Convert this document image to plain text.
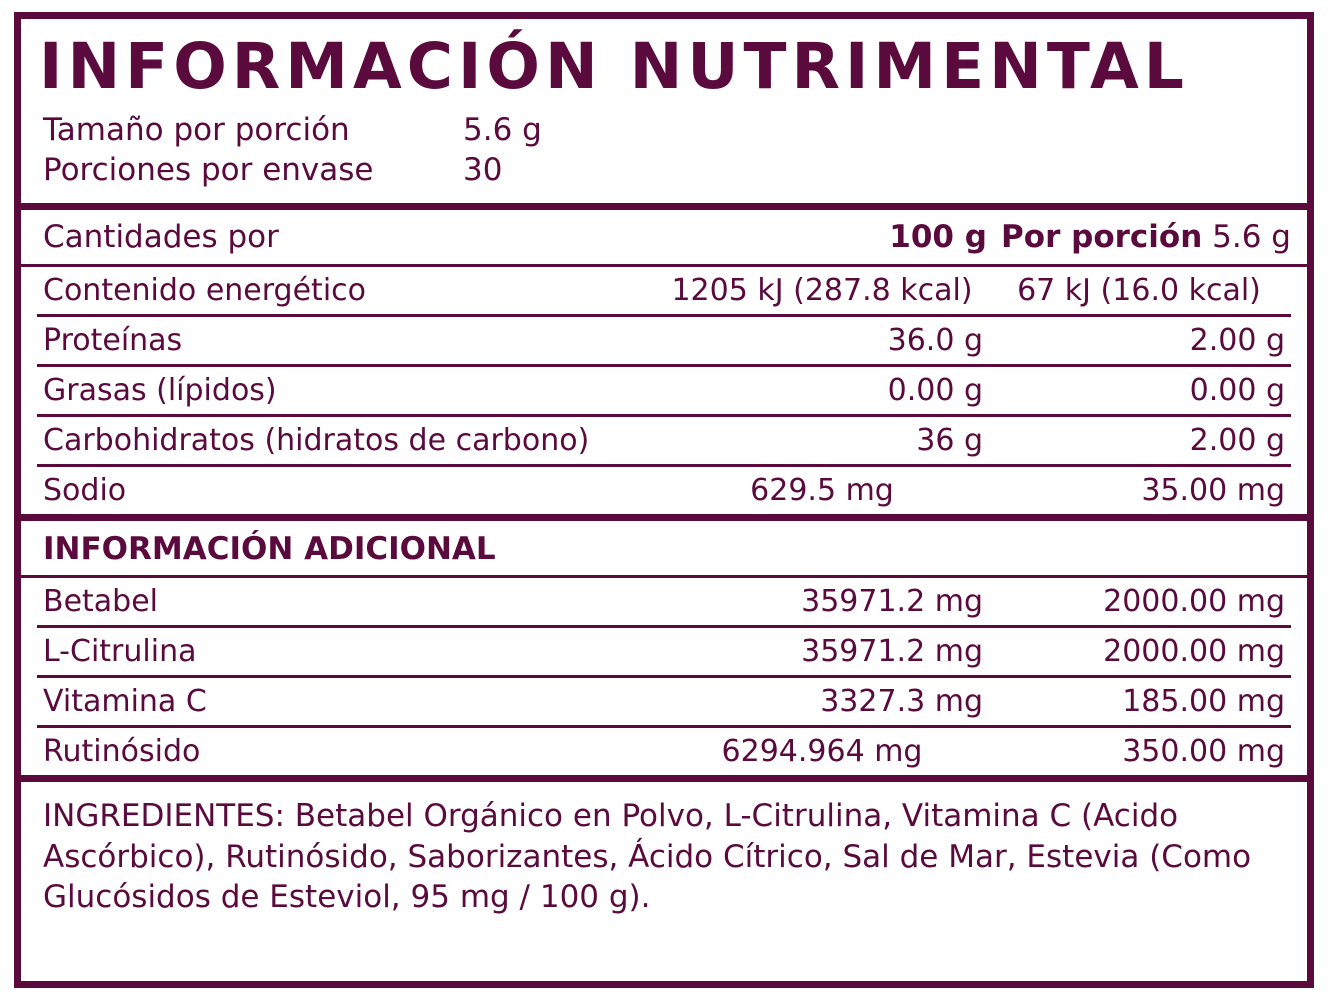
INFORMACIÓN NUTRIMENTAL
Tamaño por porción	5.6 g
Porciones por envase	30
Cantidades por	100 g	Por porción 5.6 g
Contenido energético	1205 kJ (287.8 kcal)	67 kJ (16.0 kcal)

Proteínas	36.0 g	2.00 g

Grasas (lípidos)	0.00 g	0.00 g

Carbohidratos (hidratos de carbono)	36 g	2.00 g

Sodio	629.5 mg	35.00 mg
INFORMACIÓN ADICIONAL
Betabel	35971.2 mg	2000.00 mg

L-Citrulina	35971.2 mg	2000.00 mg

Vitamina C	3327.3 mg	185.00 mg

Rutinósido	6294.964 mg	350.00 mg
INGREDIENTES: Betabel Orgánico en Polvo, L-Citrulina, Vitamina C (Acido Ascórbico), Rutinósido, Saborizantes, Ácido Cítrico, Sal de Mar, Estevia (Como Glucósidos de Esteviol, 95 mg / 100 g).
